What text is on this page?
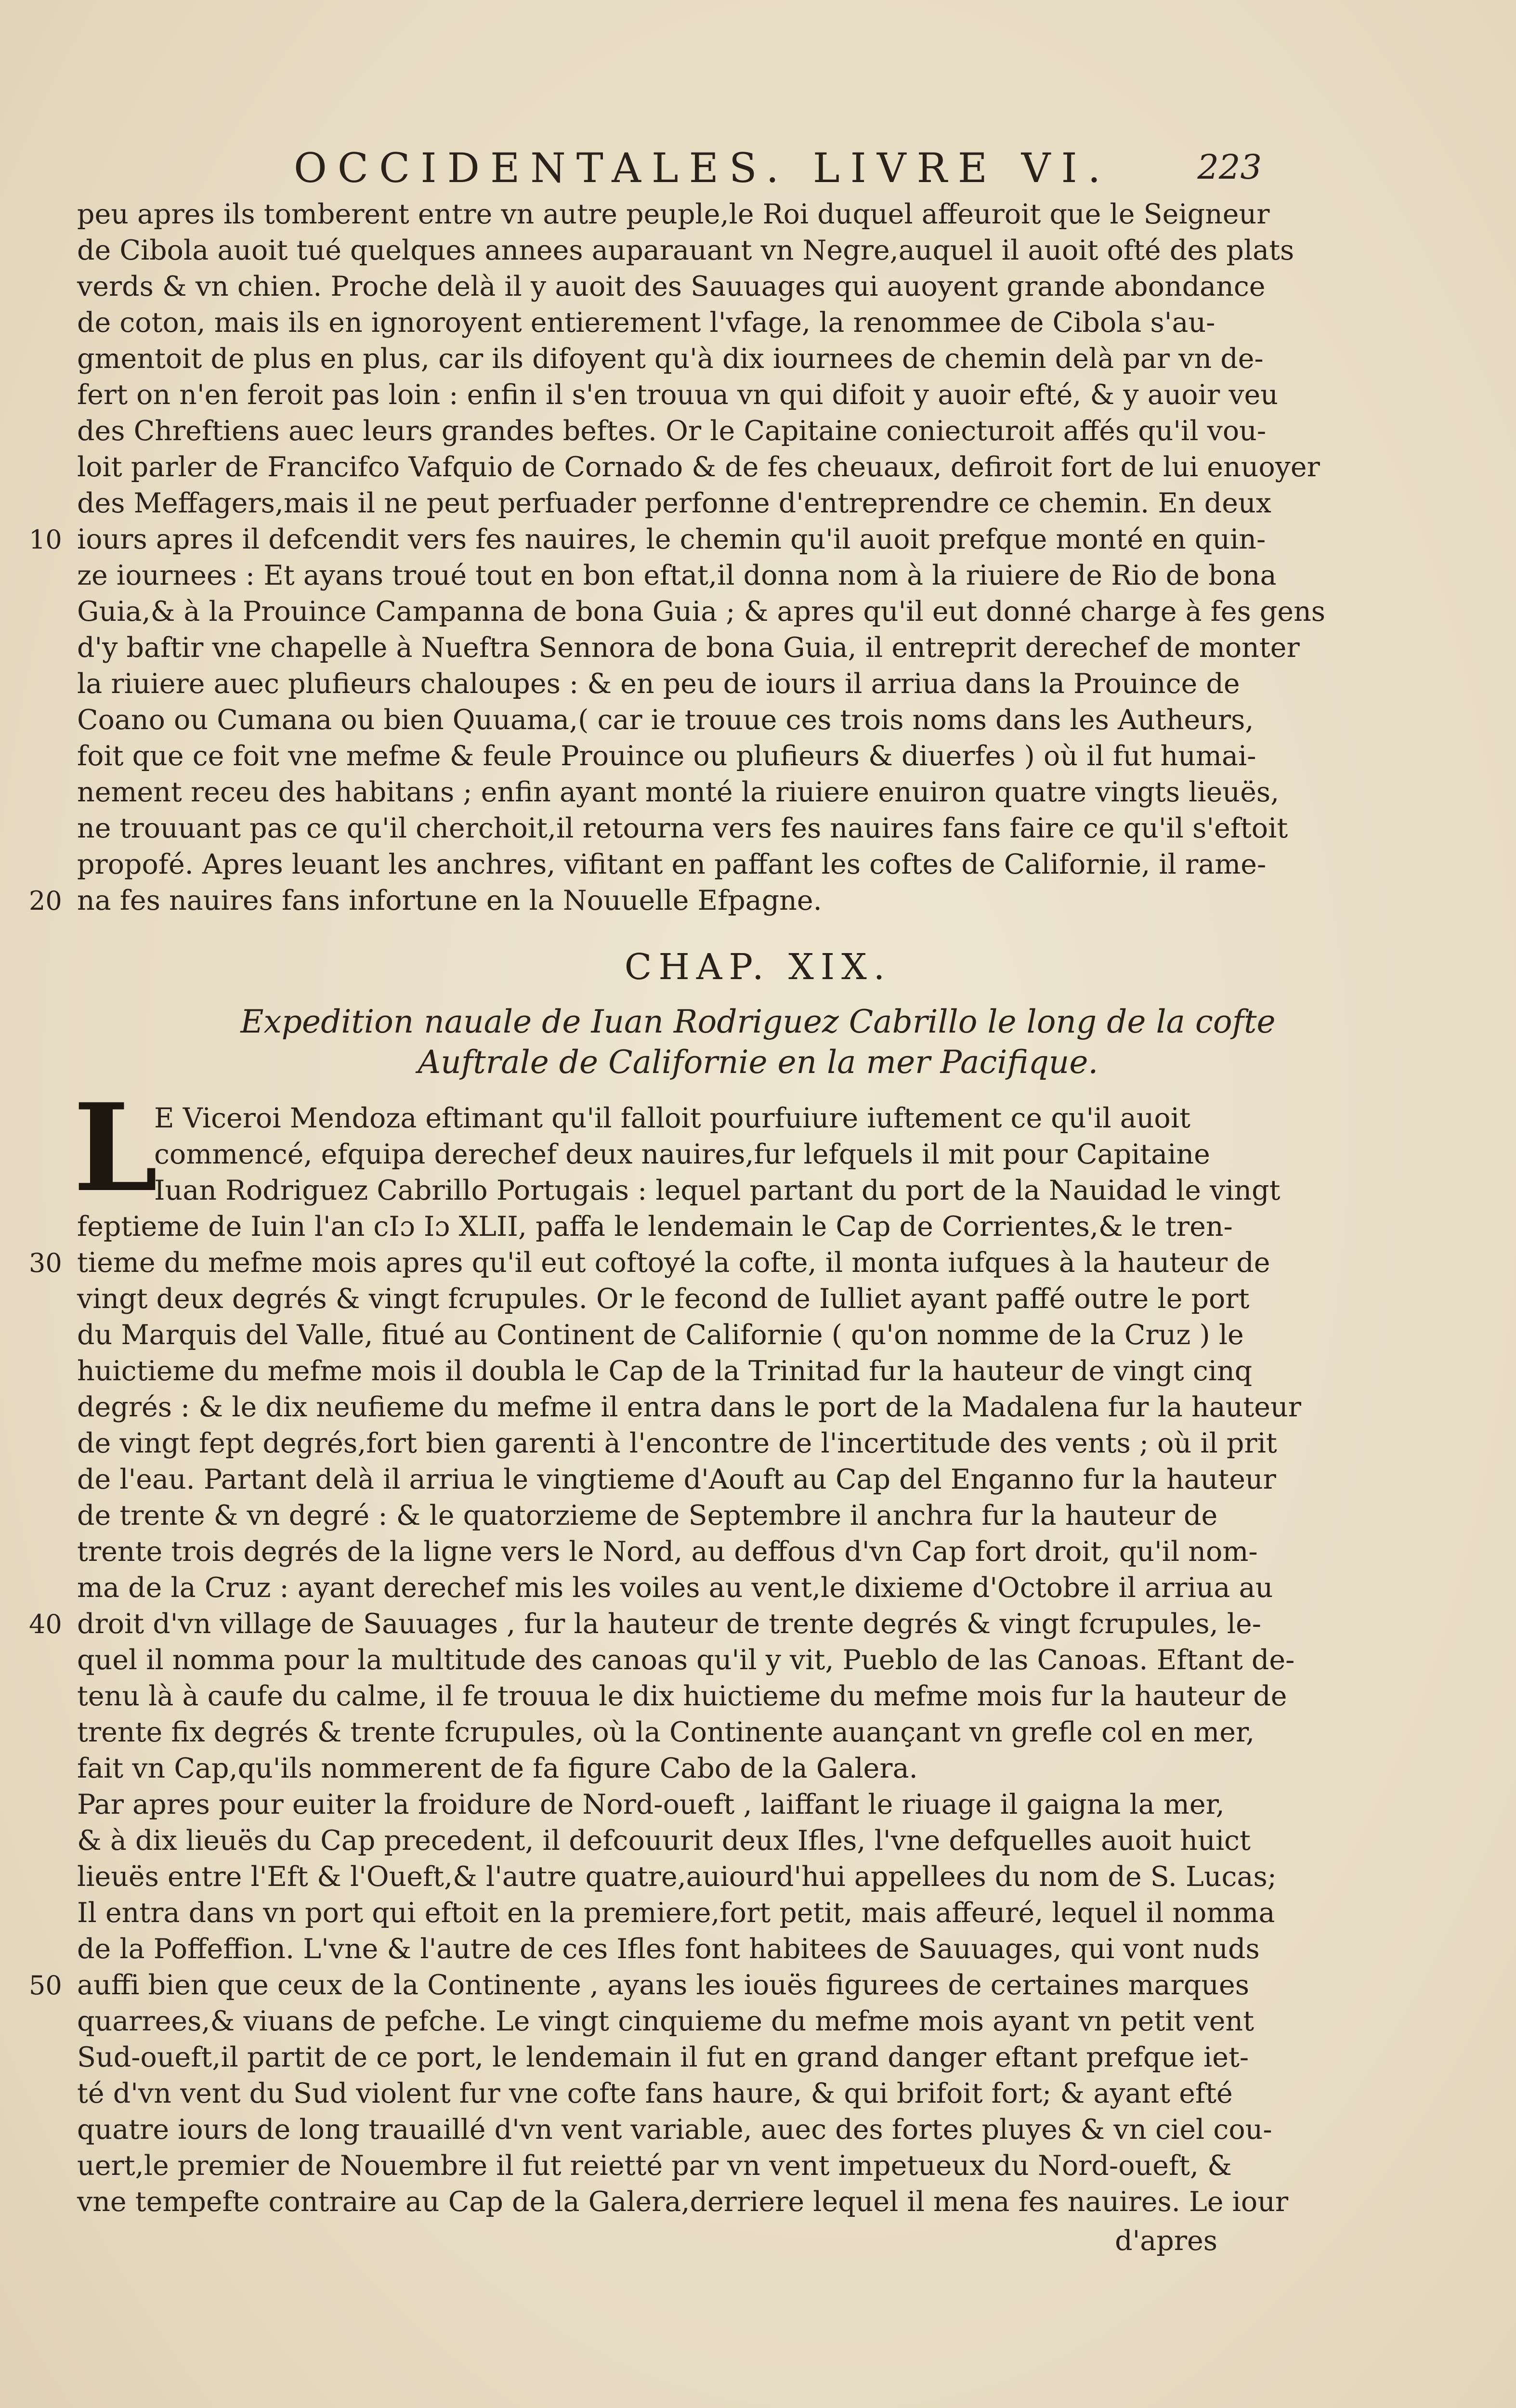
OCCIDENTALES. LIVRE VI.	223
peu apres ils tomberent entre vn autre peuple,le Roi duquel affeuroit que le Seigneur
de Cibola auoit tué quelques annees auparauant vn Negre,auquel il auoit ofté des plats
verds & vn chien. Proche delà il y auoit des Sauuages qui auoyent grande abondance
de coton, mais ils en ignoroyent entierement l'vfage, la renommee de Cibola s'au-
gmentoit de plus en plus, car ils difoyent qu'à dix iournees de chemin delà par vn de-
fert on n'en feroit pas loin : enfin il s'en trouua vn qui difoit y auoir efté, & y auoir veu
des Chreftiens auec leurs grandes beftes. Or le Capitaine coniecturoit affés qu'il vou-
loit parler de Francifco Vafquio de Cornado & de fes cheuaux, defiroit fort de lui enuoyer
des Meffagers,mais il ne peut perfuader perfonne d'entreprendre ce chemin. En deux
10 iours apres il defcendit vers fes nauires, le chemin qu'il auoit prefque monté en quin-
ze iournees : Et ayans troué tout en bon eftat,il donna nom à la riuiere de Rio de bona
Guia,& à la Prouince Campanna de bona Guia ; & apres qu'il eut donné charge à fes gens
d'y baftir vne chapelle à Nueftra Sennora de bona Guia, il entreprit derechef de monter
la riuiere auec plufieurs chaloupes : & en peu de iours il arriua dans la Prouince de
Coano ou Cumana ou bien Quuama,( car ie trouue ces trois noms dans les Autheurs,
foit que ce foit vne mefme & feule Prouince ou plufieurs & diuerfes ) où il fut humai-
nement receu des habitans ; enfin ayant monté la riuiere enuiron quatre vingts lieuës,
ne trouuant pas ce qu'il cherchoit,il retourna vers fes nauires fans faire ce qu'il s'eftoit
propofé. Apres leuant les anchres, vifitant en paffant les coftes de Californie, il rame-
20 na fes nauires fans infortune en la Nouuelle Efpagne.
CHAP. XIX.
Expedition nauale de Iuan Rodriguez Cabrillo le long de la cofte
Auftrale de Californie en la mer Pacifique.
L
E Viceroi Mendoza eftimant qu'il falloit pourfuiure iuftement ce qu'il auoit
commencé, efquipa derechef deux nauires,fur lefquels il mit pour Capitaine
Iuan Rodriguez Cabrillo Portugais : lequel partant du port de la Nauidad le vingt
feptieme de Iuin l'an cIɔ Iɔ XLII, paffa le lendemain le Cap de Corrientes,& le tren-
30 tieme du mefme mois apres qu'il eut coftoyé la cofte, il monta iufques à la hauteur de
vingt deux degrés & vingt fcrupules. Or le fecond de Iulliet ayant paffé outre le port
du Marquis del Valle, fitué au Continent de Californie ( qu'on nomme de la Cruz ) le
huictieme du mefme mois il doubla le Cap de la Trinitad fur la hauteur de vingt cinq
degrés : & le dix neufieme du mefme il entra dans le port de la Madalena fur la hauteur
de vingt fept degrés,fort bien garenti à l'encontre de l'incertitude des vents ; où il prit
de l'eau. Partant delà il arriua le vingtieme d'Aouft au Cap del Enganno fur la hauteur
de trente & vn degré : & le quatorzieme de Septembre il anchra fur la hauteur de
trente trois degrés de la ligne vers le Nord, au deffous d'vn Cap fort droit, qu'il nom-
ma de la Cruz : ayant derechef mis les voiles au vent,le dixieme d'Octobre il arriua au
40 droit d'vn village de Sauuages , fur la hauteur de trente degrés & vingt fcrupules, le-
quel il nomma pour la multitude des canoas qu'il y vit, Pueblo de las Canoas. Eftant de-
tenu là à caufe du calme, il fe trouua le dix huictieme du mefme mois fur la hauteur de
trente fix degrés & trente fcrupules, où la Continente auançant vn grefle col en mer,
fait vn Cap,qu'ils nommerent de fa figure Cabo de la Galera.
Par apres pour euiter la froidure de Nord-oueft , laiffant le riuage il gaigna la mer,
& à dix lieuës du Cap precedent, il defcouurit deux Ifles, l'vne defquelles auoit huict
lieuës entre l'Eft & l'Oueft,& l'autre quatre,auiourd'hui appellees du nom de S. Lucas;
Il entra dans vn port qui eftoit en la premiere,fort petit, mais affeuré, lequel il nomma
de la Poffeffion. L'vne & l'autre de ces Ifles font habitees de Sauuages, qui vont nuds
50 auffi bien que ceux de la Continente , ayans les iouës figurees de certaines marques
quarrees,& viuans de pefche. Le vingt cinquieme du mefme mois ayant vn petit vent
Sud-oueft,il partit de ce port, le lendemain il fut en grand danger eftant prefque iet-
té d'vn vent du Sud violent fur vne cofte fans haure, & qui brifoit fort; & ayant efté
quatre iours de long trauaillé d'vn vent variable, auec des fortes pluyes & vn ciel cou-
uert,le premier de Nouembre il fut reietté par vn vent impetueux du Nord-oueft, &
vne tempefte contraire au Cap de la Galera,derriere lequel il mena fes nauires. Le iour
d'apres
